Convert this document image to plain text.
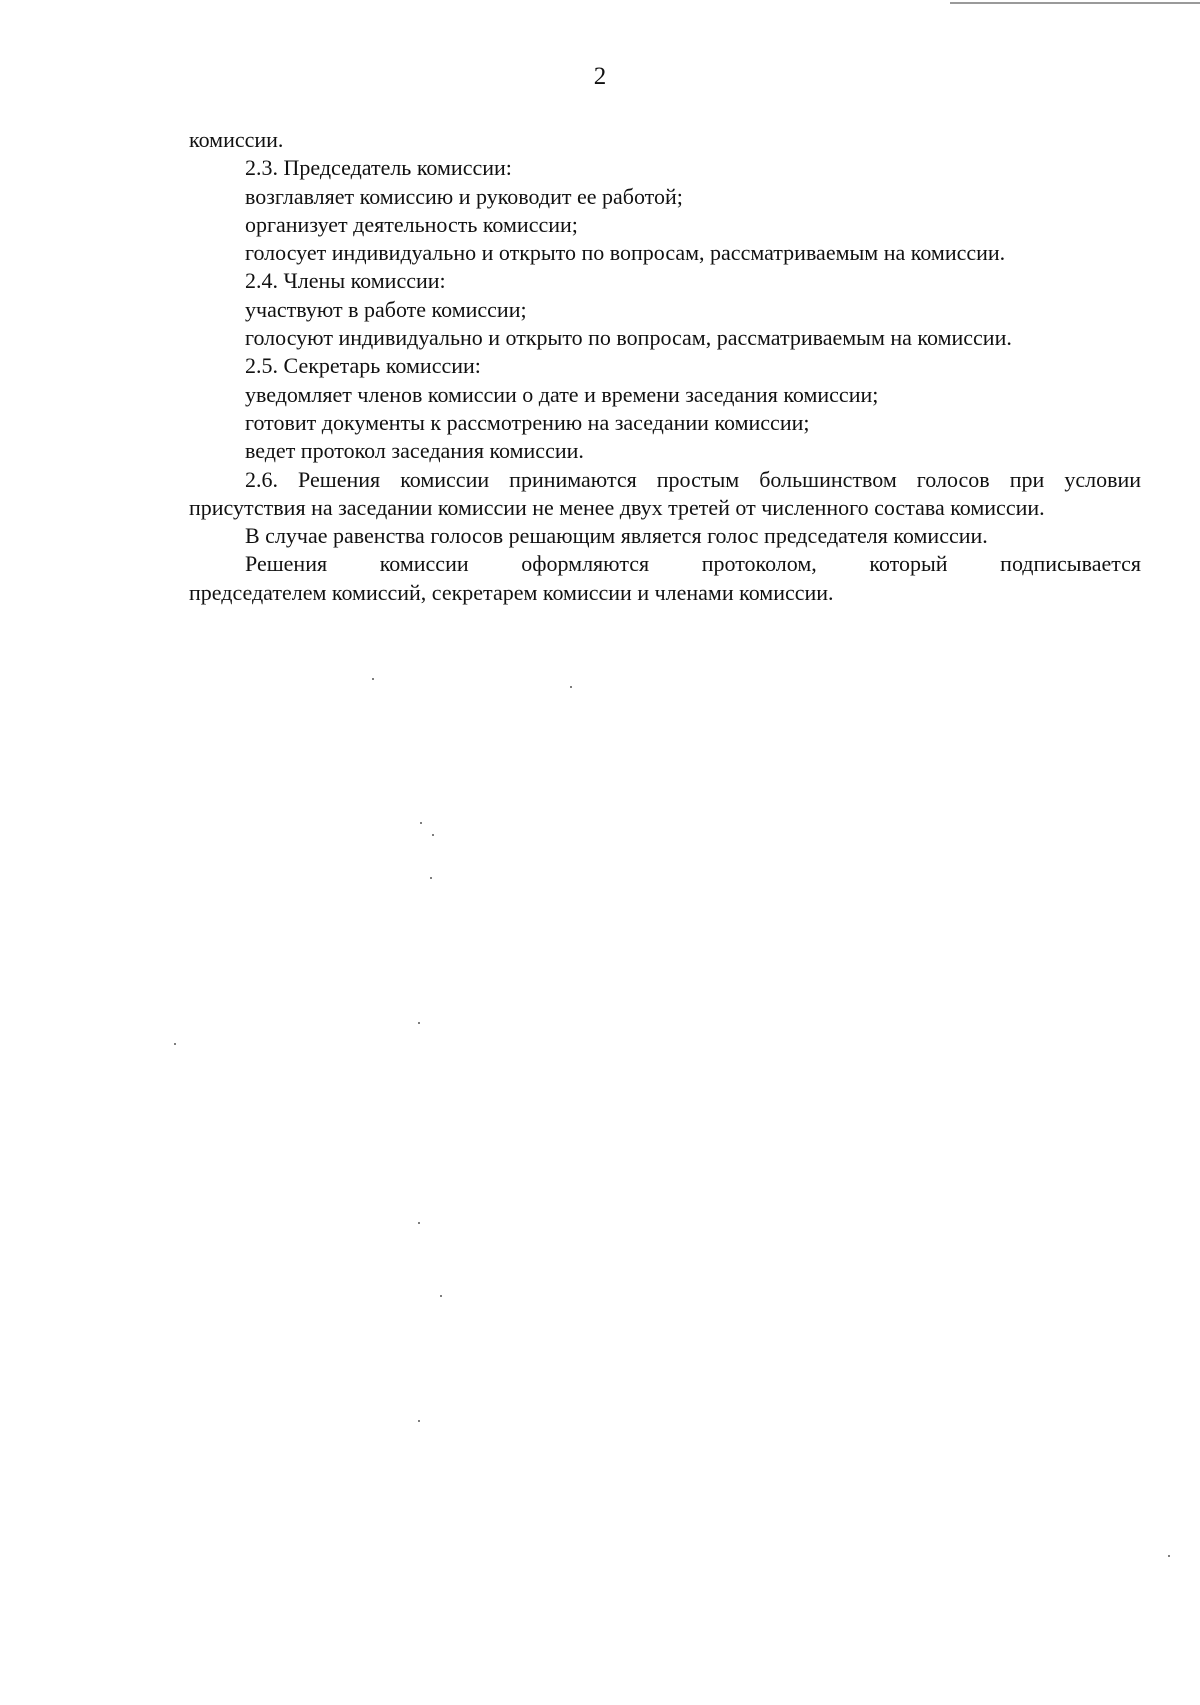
2
комиссии.
2.3. Председатель комиссии:
возглавляет комиссию и руководит ее работой;
организует деятельность комиссии;
голосует индивидуально и открыто по вопросам, рассматриваемым на комиссии.
2.4. Члены комиссии:
участвуют в работе комиссии;
голосуют индивидуально и открыто по вопросам, рассматриваемым на комиссии.
2.5. Секретарь комиссии:
уведомляет членов комиссии о дате и времени заседания комиссии;
готовит документы к рассмотрению на заседании комиссии;
ведет протокол заседания комиссии.
2.6. Решения комиссии принимаются простым большинством голосов при условии присутствия на заседании комиссии не менее двух третей от численного состава комиссии.
В случае равенства голосов решающим является голос председателя комиссии.
Решения комиссии оформляются протоколом, который подписывается
председателем комиссий, секретарем комиссии и членами комиссии.
